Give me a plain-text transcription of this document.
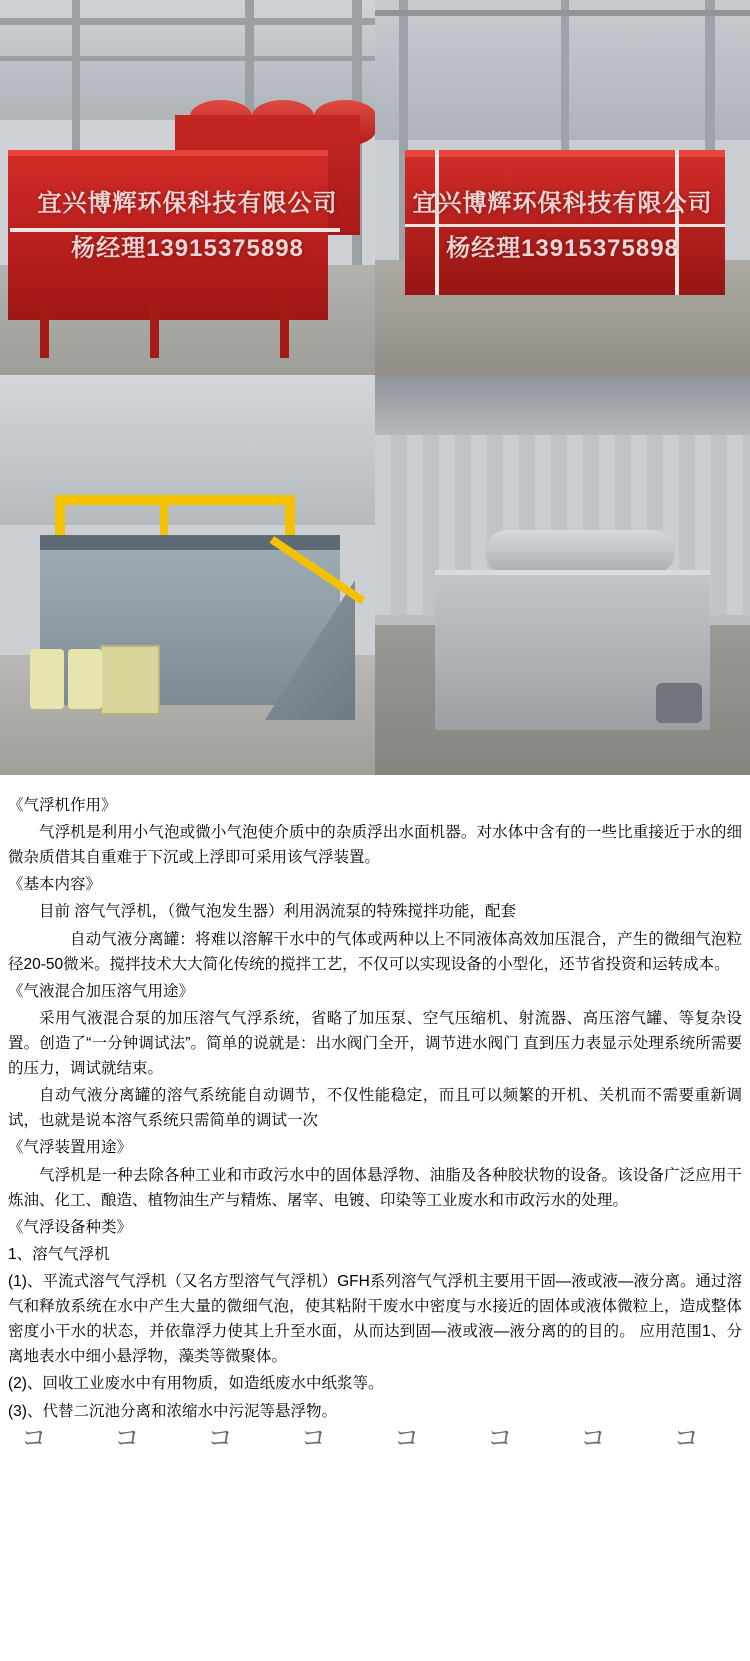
宜兴博辉环保科技有限公司
杨经理13915375898
宜兴博辉环保科技有限公司
杨经理13915375898

《气浮机作用》

气浮机是利用小气泡或微小气泡使介质中的杂质浮出水面机器。对水体中含有的一些比重接近于水的细微杂质借其自重难于下沉或上浮即可采用该气浮装置。

《基本内容》

目前 溶气气浮机，（微气泡发生器）利用涡流泵的特殊搅拌功能，配套

自动气液分离罐：将难以溶解干水中的气体或两种以上不同液体高效加压混合，产生的微细气泡粒径20-50微米。搅拌技术大大简化传统的搅拌工艺，不仅可以实现设备的小型化，还节省投资和运转成本。

《气液混合加压溶气用途》

采用气液混合泵的加压溶气气浮系统，省略了加压泵、空气压缩机、射流器、高压溶气罐、等复杂设置。创造了“一分钟调试法”。简单的说就是：出水阀门全开，调节进水阀门 直到压力表显示处理系统所需要的压力，调试就结束。

自动气液分离罐的溶气系统能自动调节，不仅性能稳定，而且可以频繁的开机、关机而不需要重新调试，也就是说本溶气系统只需简单的调试一次

《气浮装置用途》

气浮机是一种去除各种工业和市政污水中的固体悬浮物、油脂及各种胶状物的设备。该设备广泛应用干炼油、化工、酿造、植物油生产与精炼、屠宰、电镀、印染等工业废水和市政污水的处理。

《气浮设备种类》

1、溶气气浮机

(1)、平流式溶气气浮机（又名方型溶气气浮机）GFH系列溶气气浮机主要用干固—液或液—液分离。通过溶气和释放系统在水中产生大量的微细气泡，使其粘附干废水中密度与水接近的固体或液体微粒上，造成整体密度小干水的状态，并依靠浮力使其上升至水面，从而达到固—液或液—液分离的的目的。 应用范围1、分离地表水中细小悬浮物，藻类等微聚体。

(2)、回收工业废水中有用物质，如造纸废水中纸浆等。

(3)、代替二沉池分离和浓缩水中污泥等悬浮物。

コ コ コ コ コ コ コ コ
